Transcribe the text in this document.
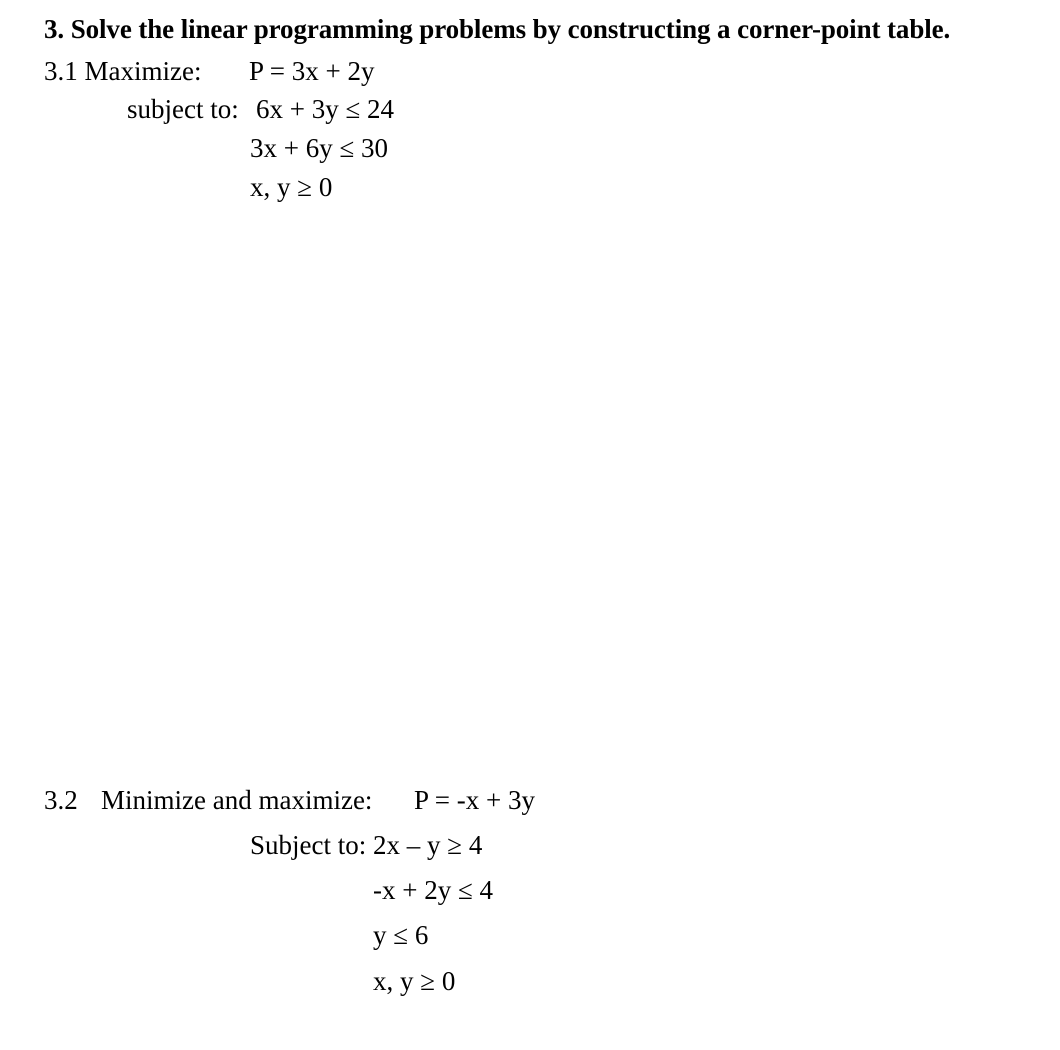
3. Solve the linear programming problems by constructing a corner-point table.
3.1 Maximize: P = 3x + 2y
subject to: 6x + 3y ≤ 24
3x + 6y ≤ 30
x, y ≥ 0
3.2 Minimize and maximize: P = -x + 3y
Subject to: 2x – y ≥ 4
-x + 2y ≤ 4
y ≤ 6
x, y ≥ 0
